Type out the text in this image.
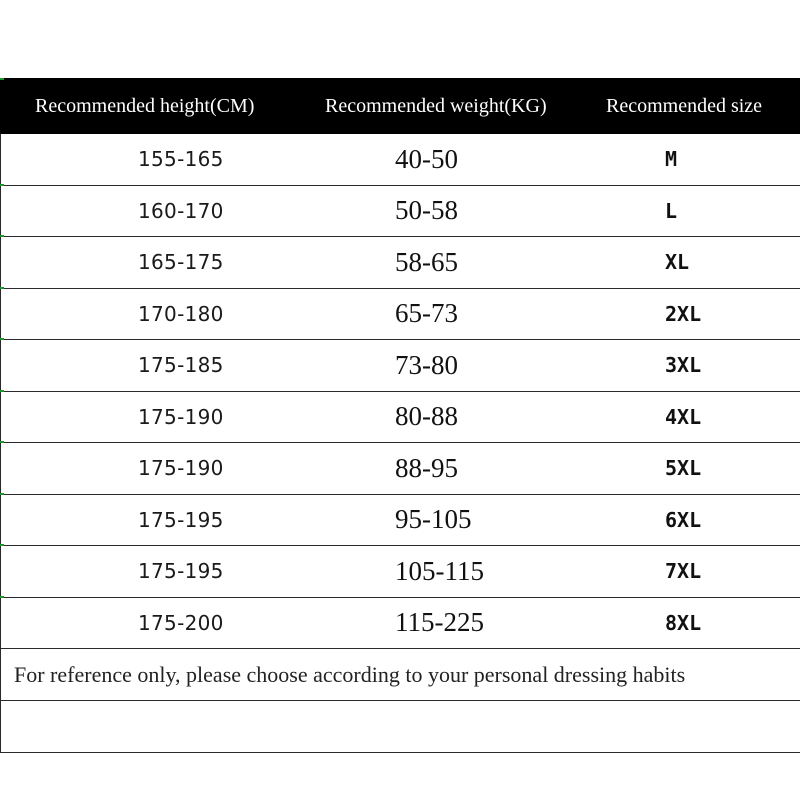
Recommended height(CM)	Recommended weight(KG)	Recommended size
155-165	40-50	M
160-170	50-58	L
165-175	58-65	XL
170-180	65-73	2XL
175-185	73-80	3XL
175-190	80-88	4XL
175-190	88-95	5XL
175-195	95-105	6XL
175-195	105-115	7XL
175-200	115-225	8XL
For reference only, please choose according to your personal dressing habits
